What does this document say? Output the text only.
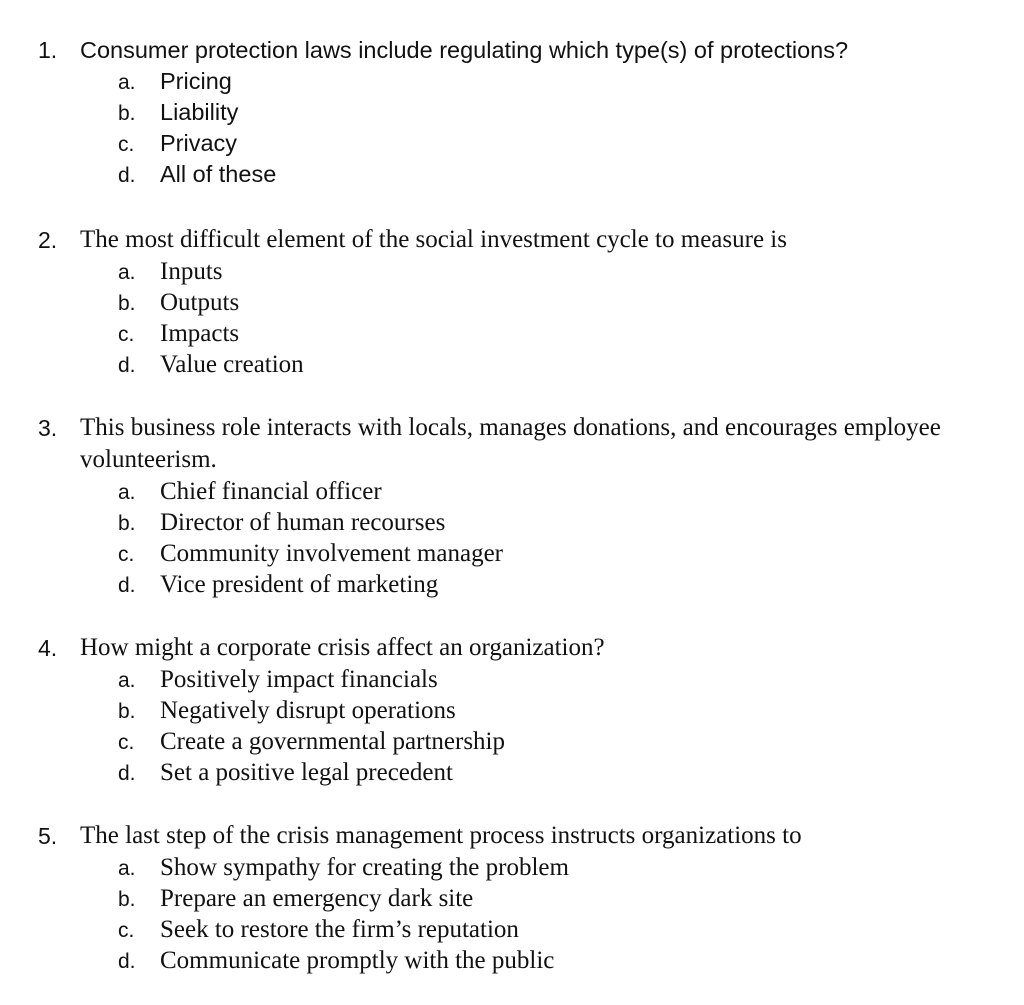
1. Consumer protection laws include regulating which type(s) of protections?
a.	Pricing
b.	Liability
c.	Privacy
d.	All of these
2. The most difficult element of the social investment cycle to measure is
a. Inputs
b. Outputs
c.	Impacts
d. Value creation
3. This business role interacts with locals, manages donations, and encourages employee volunteerism.
a. Chief financial officer
b. Director of human recourses
c.	Community involvement manager
d. Vice president of marketing
4. How might a corporate crisis affect an organization?
a. Positively impact financials
b. Negatively disrupt operations
c.	Create a governmental partnership
d. Set a positive legal precedent
5. The last step of the crisis management process instructs organizations to
a. Show sympathy for creating the problem
b. Prepare an emergency dark site
c.	Seek to restore the firm’s reputation
d. Communicate promptly with the public
